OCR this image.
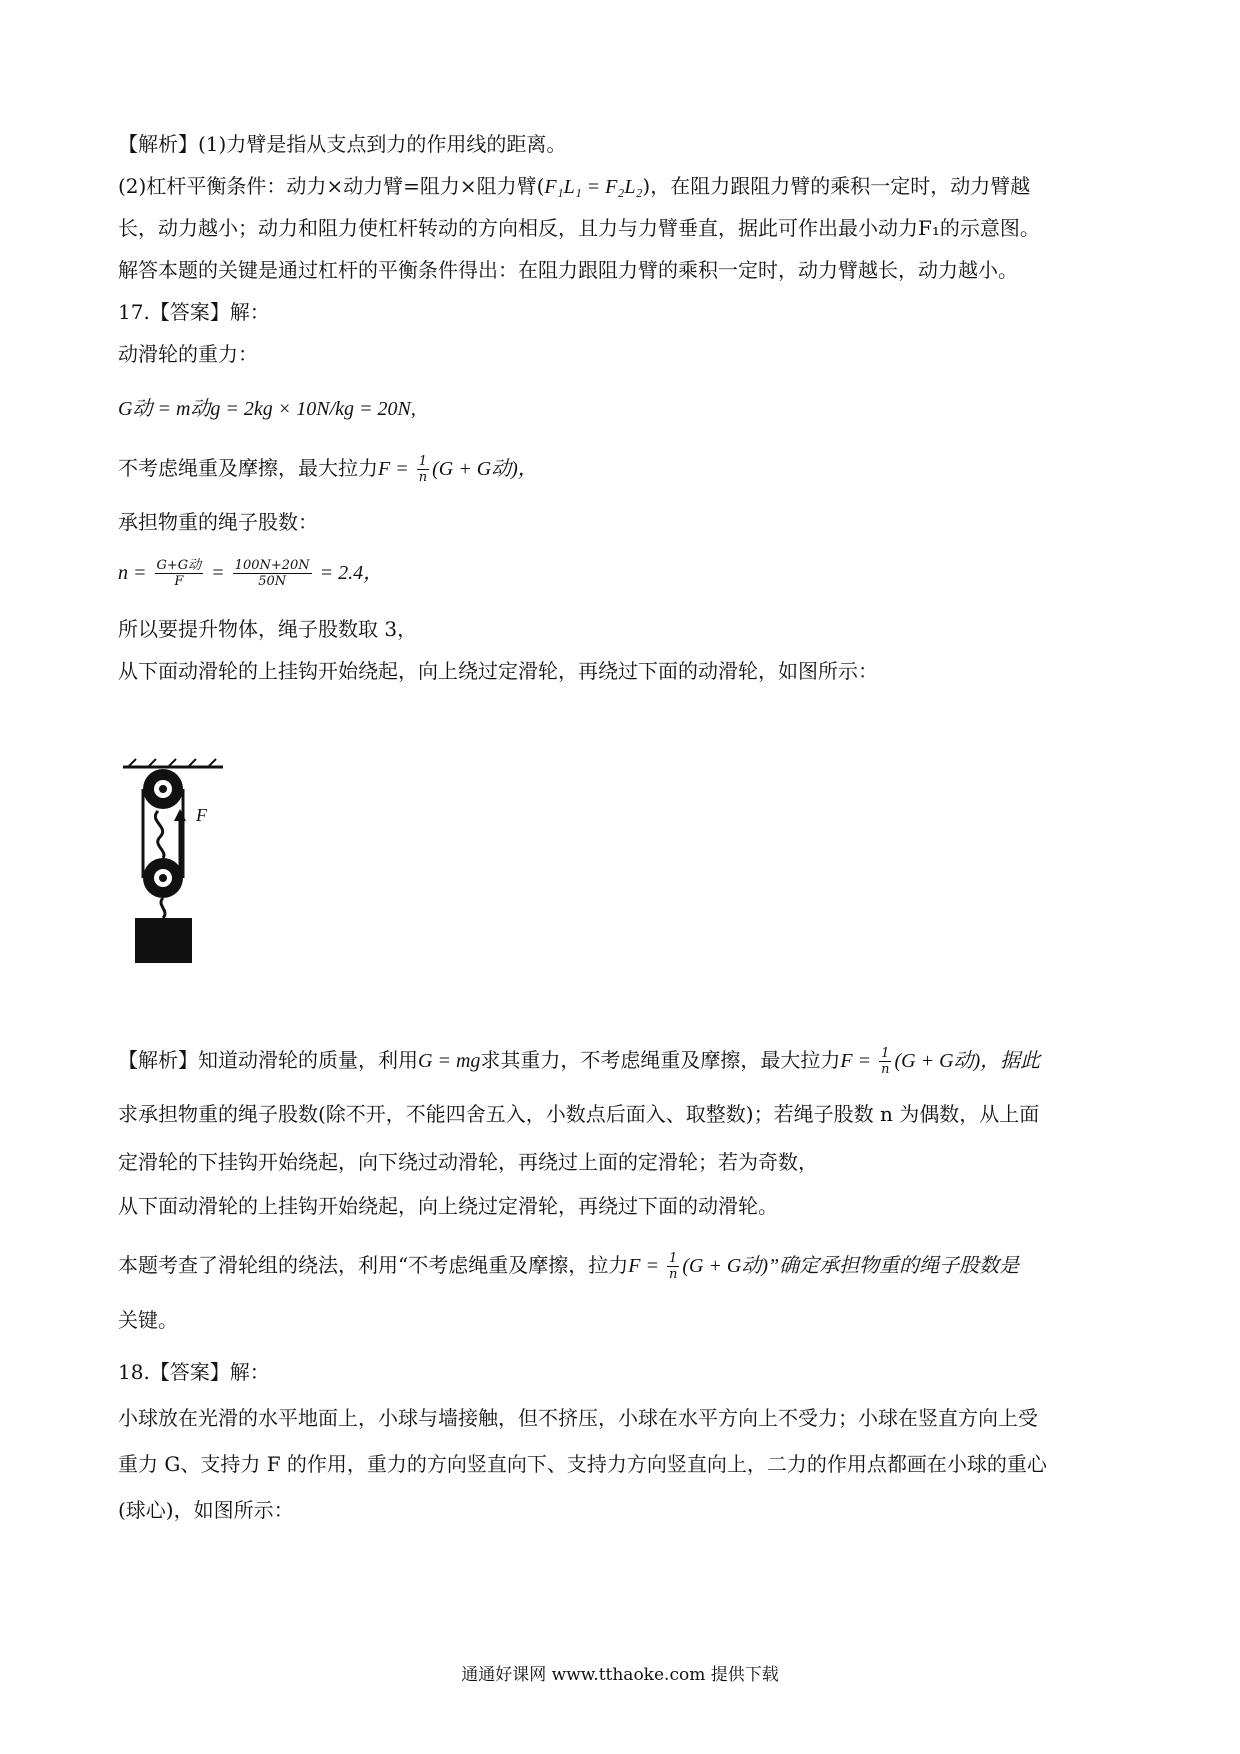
【解析】(1)力臂是指从支点到力的作用线的距离。
(2)杠杆平衡条件：动力×动力臂=阻力×阻力臂(F₁L₁ = F₂L₂)，在阻力跟阻力臂的乘积一定时，动力臂越
长，动力越小；动力和阻力使杠杆转动的方向相反，且力与力臂垂直，据此可作出最小动力F₁的示意图。
解答本题的关键是通过杠杆的平衡条件得出：在阻力跟阻力臂的乘积一定时，动力臂越长，动力越小。
17.【答案】解：
动滑轮的重力：
G动 = m动g = 2kg × 10N/kg = 20N,
不考虑绳重及摩擦，最大拉力$F = \frac{1}{n} (G + G$动)，
承担物重的绳子股数：
$n = \frac{\text{G+G动}}{F} = \frac{100N+20N}{50N} = 2.4$，
所以要提升物体，绳子股数取 3，
从下面动滑轮的上挂钩开始绕起，向上绕过定滑轮，再绕过下面的动滑轮，如图所示：
F
【解析】知道动滑轮的质量，利用G = mg求其重力，不考虑绳重及摩擦，最大拉力$F = \frac{1}{n} (G + G$动)，据此
求承担物重的绳子股数(除不开，不能四舍五入，小数点后面入、取整数)；若绳子股数 n 为偶数，从上面
定滑轮的下挂钩开始绕起，向下绕过动滑轮，再绕过上面的定滑轮；若为奇数，
从下面动滑轮的上挂钩开始绕起，向上绕过定滑轮，再绕过下面的动滑轮。
本题考查了滑轮组的绕法，利用“不考虑绳重及摩擦，拉力$F = \frac{1}{n} (G + G$动)”确定承担物重的绳子股数是
关键。
18.【答案】解：
小球放在光滑的水平地面上，小球与墙接触，但不挤压，小球在水平方向上不受力；小球在竖直方向上受
重力 G、支持力 F 的作用，重力的方向竖直向下、支持力方向竖直向上，二力的作用点都画在小球的重心
(球心)，如图所示：
通通好课网 www.tthaoke.com 提供下载
